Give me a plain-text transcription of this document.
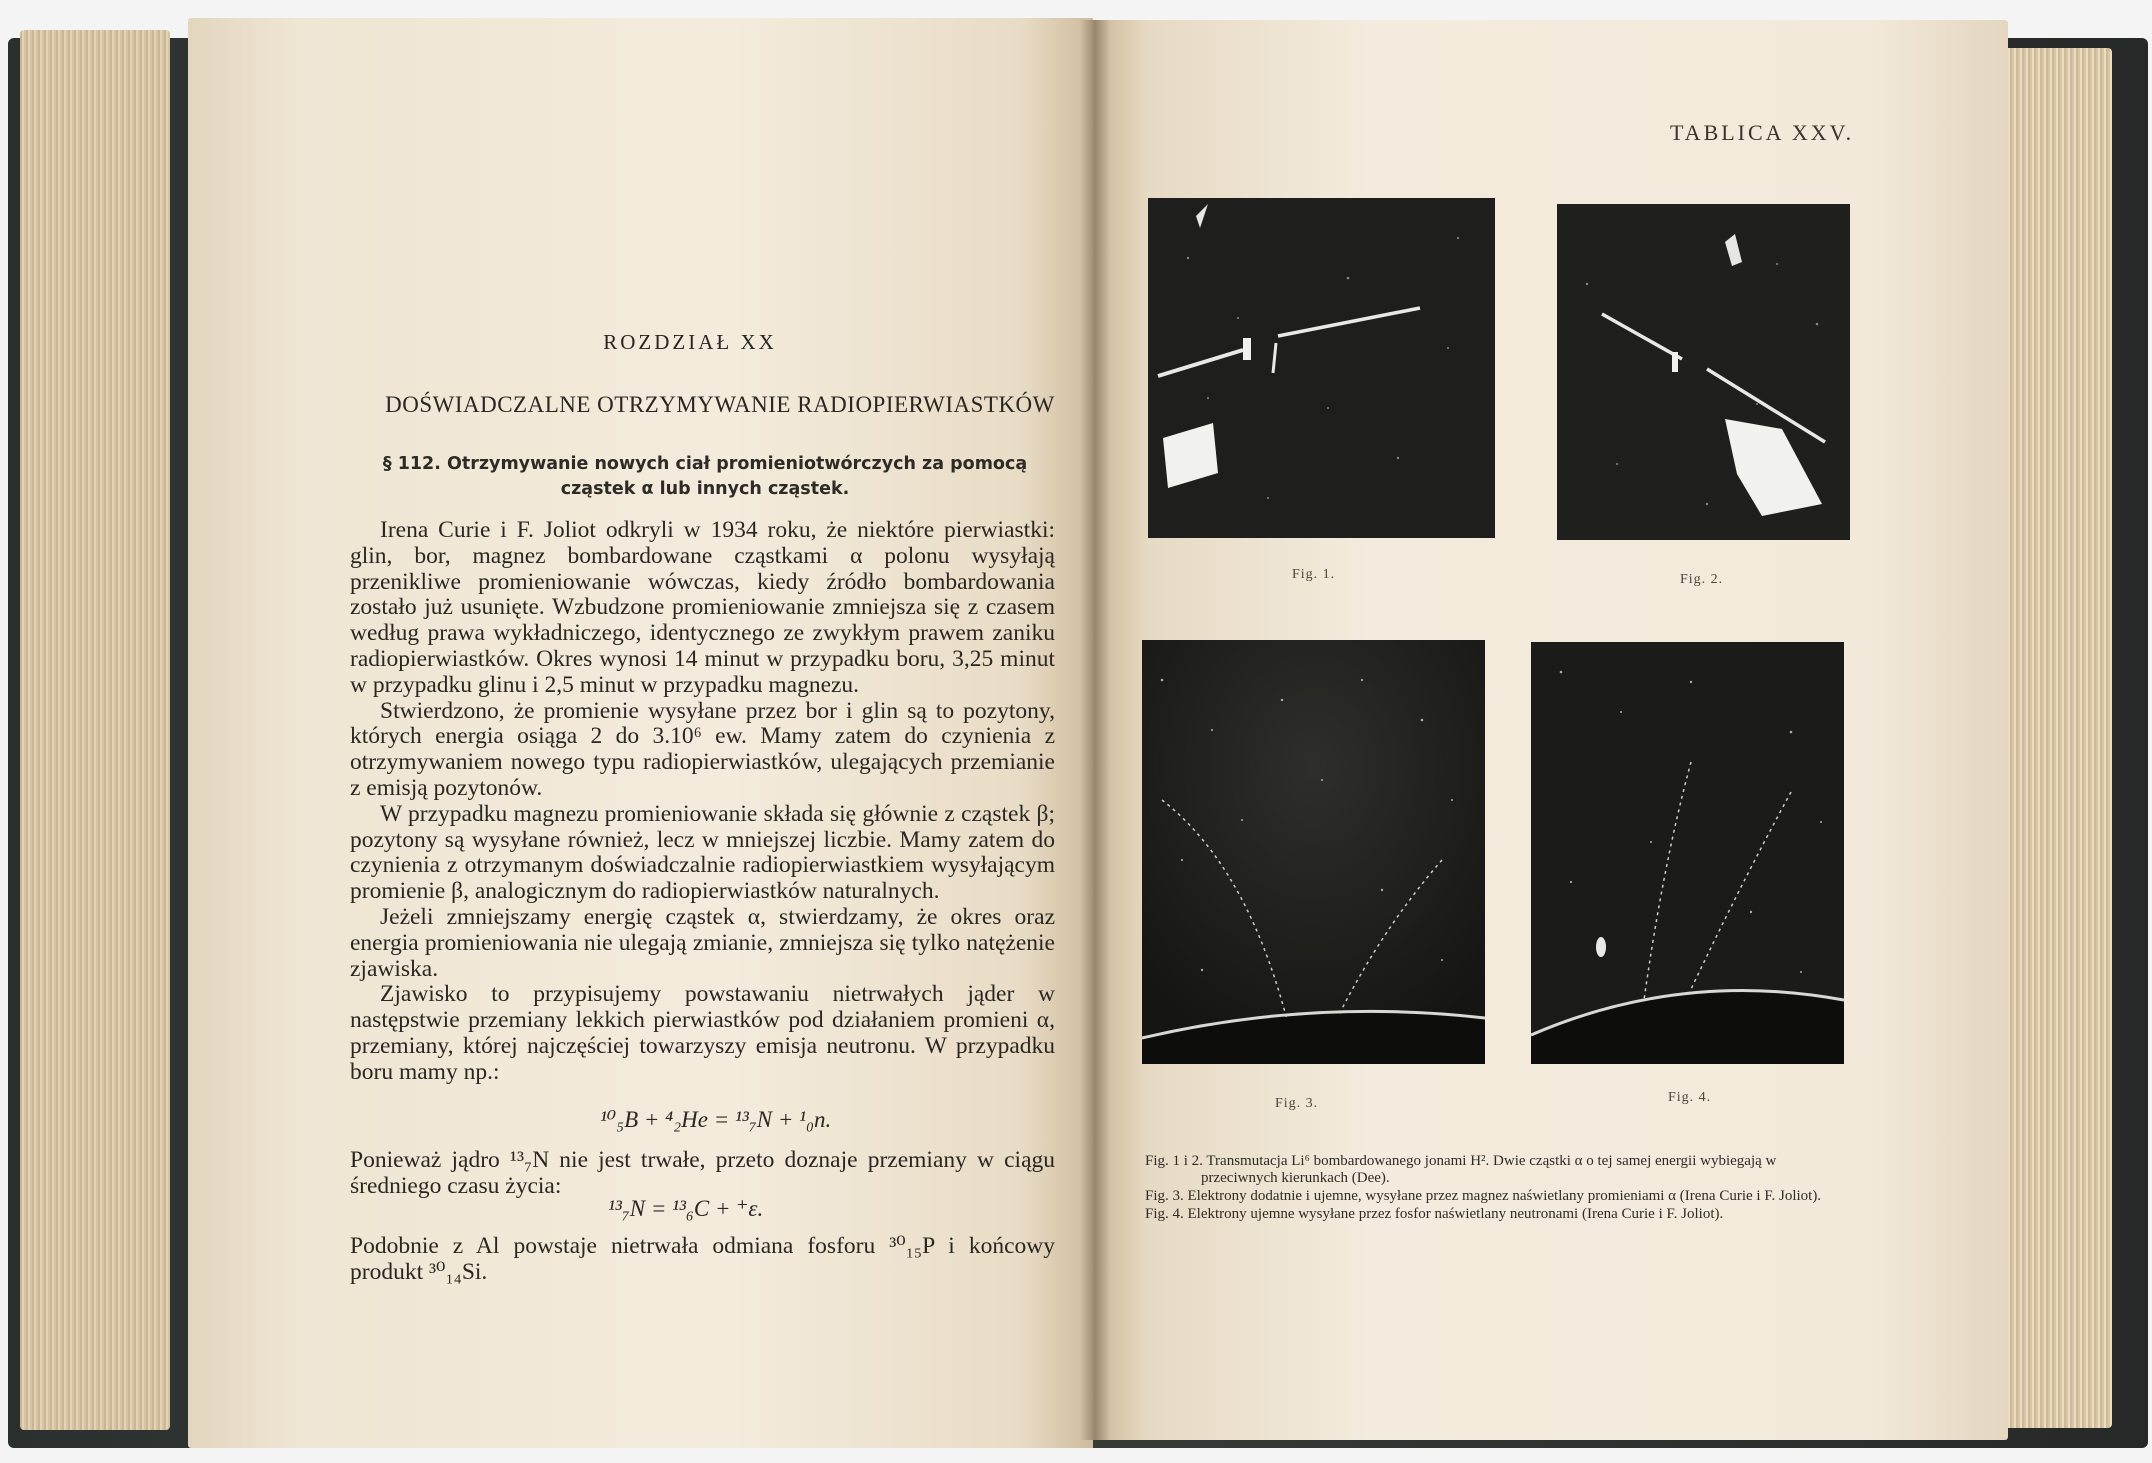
ROZDZIAŁ XX
DOŚWIADCZALNE OTRZYMYWANIE RADIOPIERWIASTKÓW
§ 112. Otrzymywanie nowych ciał promieniotwórczych za pomocą cząstek α lub innych cząstek.

Irena Curie i F. Joliot odkryli w 1934 roku, że niektóre pierwiastki: glin, bor, magnez bombardowane cząstkami α polonu wysyłają przenikliwe promieniowanie wówczas, kiedy źródło bombardowania zostało już usunięte. Wzbudzone promieniowanie zmniejsza się z czasem według prawa wykładniczego, identycznego ze zwykłym prawem zaniku radiopierwiastków. Okres wynosi 14 minut w przypadku boru, 3,25 minut w przypadku glinu i 2,5 minut w przypadku magnezu.

Stwierdzono, że promienie wysyłane przez bor i glin są to pozytony, których energia osiąga 2 do 3.10⁶ ew. Mamy zatem do czynienia z otrzymywaniem nowego typu radiopierwiastków, ulegających przemianie z emisją pozytonów.

W przypadku magnezu promieniowanie składa się głównie z cząstek β; pozytony są wysyłane również, lecz w mniejszej liczbie. Mamy zatem do czynienia z otrzymanym doświadczalnie radiopierwiastkiem wysyłającym promienie β, analogicznym do radiopierwiastków naturalnych.

Jeżeli zmniejszamy energię cząstek α, stwierdzamy, że okres oraz energia promieniowania nie ulegają zmianie, zmniejsza się tylko natężenie zjawiska.

Zjawisko to przypisujemy powstawaniu nietrwałych jąder w następstwie przemiany lekkich pierwiastków pod działaniem promieni α, przemiany, której najczęściej towarzyszy emisja neutronu. W przypadku boru mamy np.:

¹⁰₅B + ⁴₂He = ¹³₇N + ¹₀n.

Ponieważ jądro ¹³₇N nie jest trwałe, przeto doznaje przemiany w ciągu średniego czasu życia:

¹³₇N = ¹³₆C + ⁺ε.

Podobnie z Al powstaje nietrwała odmiana fosforu ³⁰₁₅P i końcowy produkt ³⁰₁₄Si.

TABLICA XXV.
Fig. 1.	Fig. 2.
Fig. 3.	Fig. 4.

Fig. 1 i 2. Transmutacja Li⁶ bombardowanego jonami H². Dwie cząstki α o tej samej energii wybiegają w przeciwnych kierunkach (Dee).

Fig. 3. Elektrony dodatnie i ujemne, wysyłane przez magnez naświetlany promieniami α (Irena Curie i F. Joliot).

Fig. 4. Elektrony ujemne wysyłane przez fosfor naświetlany neutronami (Irena Curie i F. Joliot).
